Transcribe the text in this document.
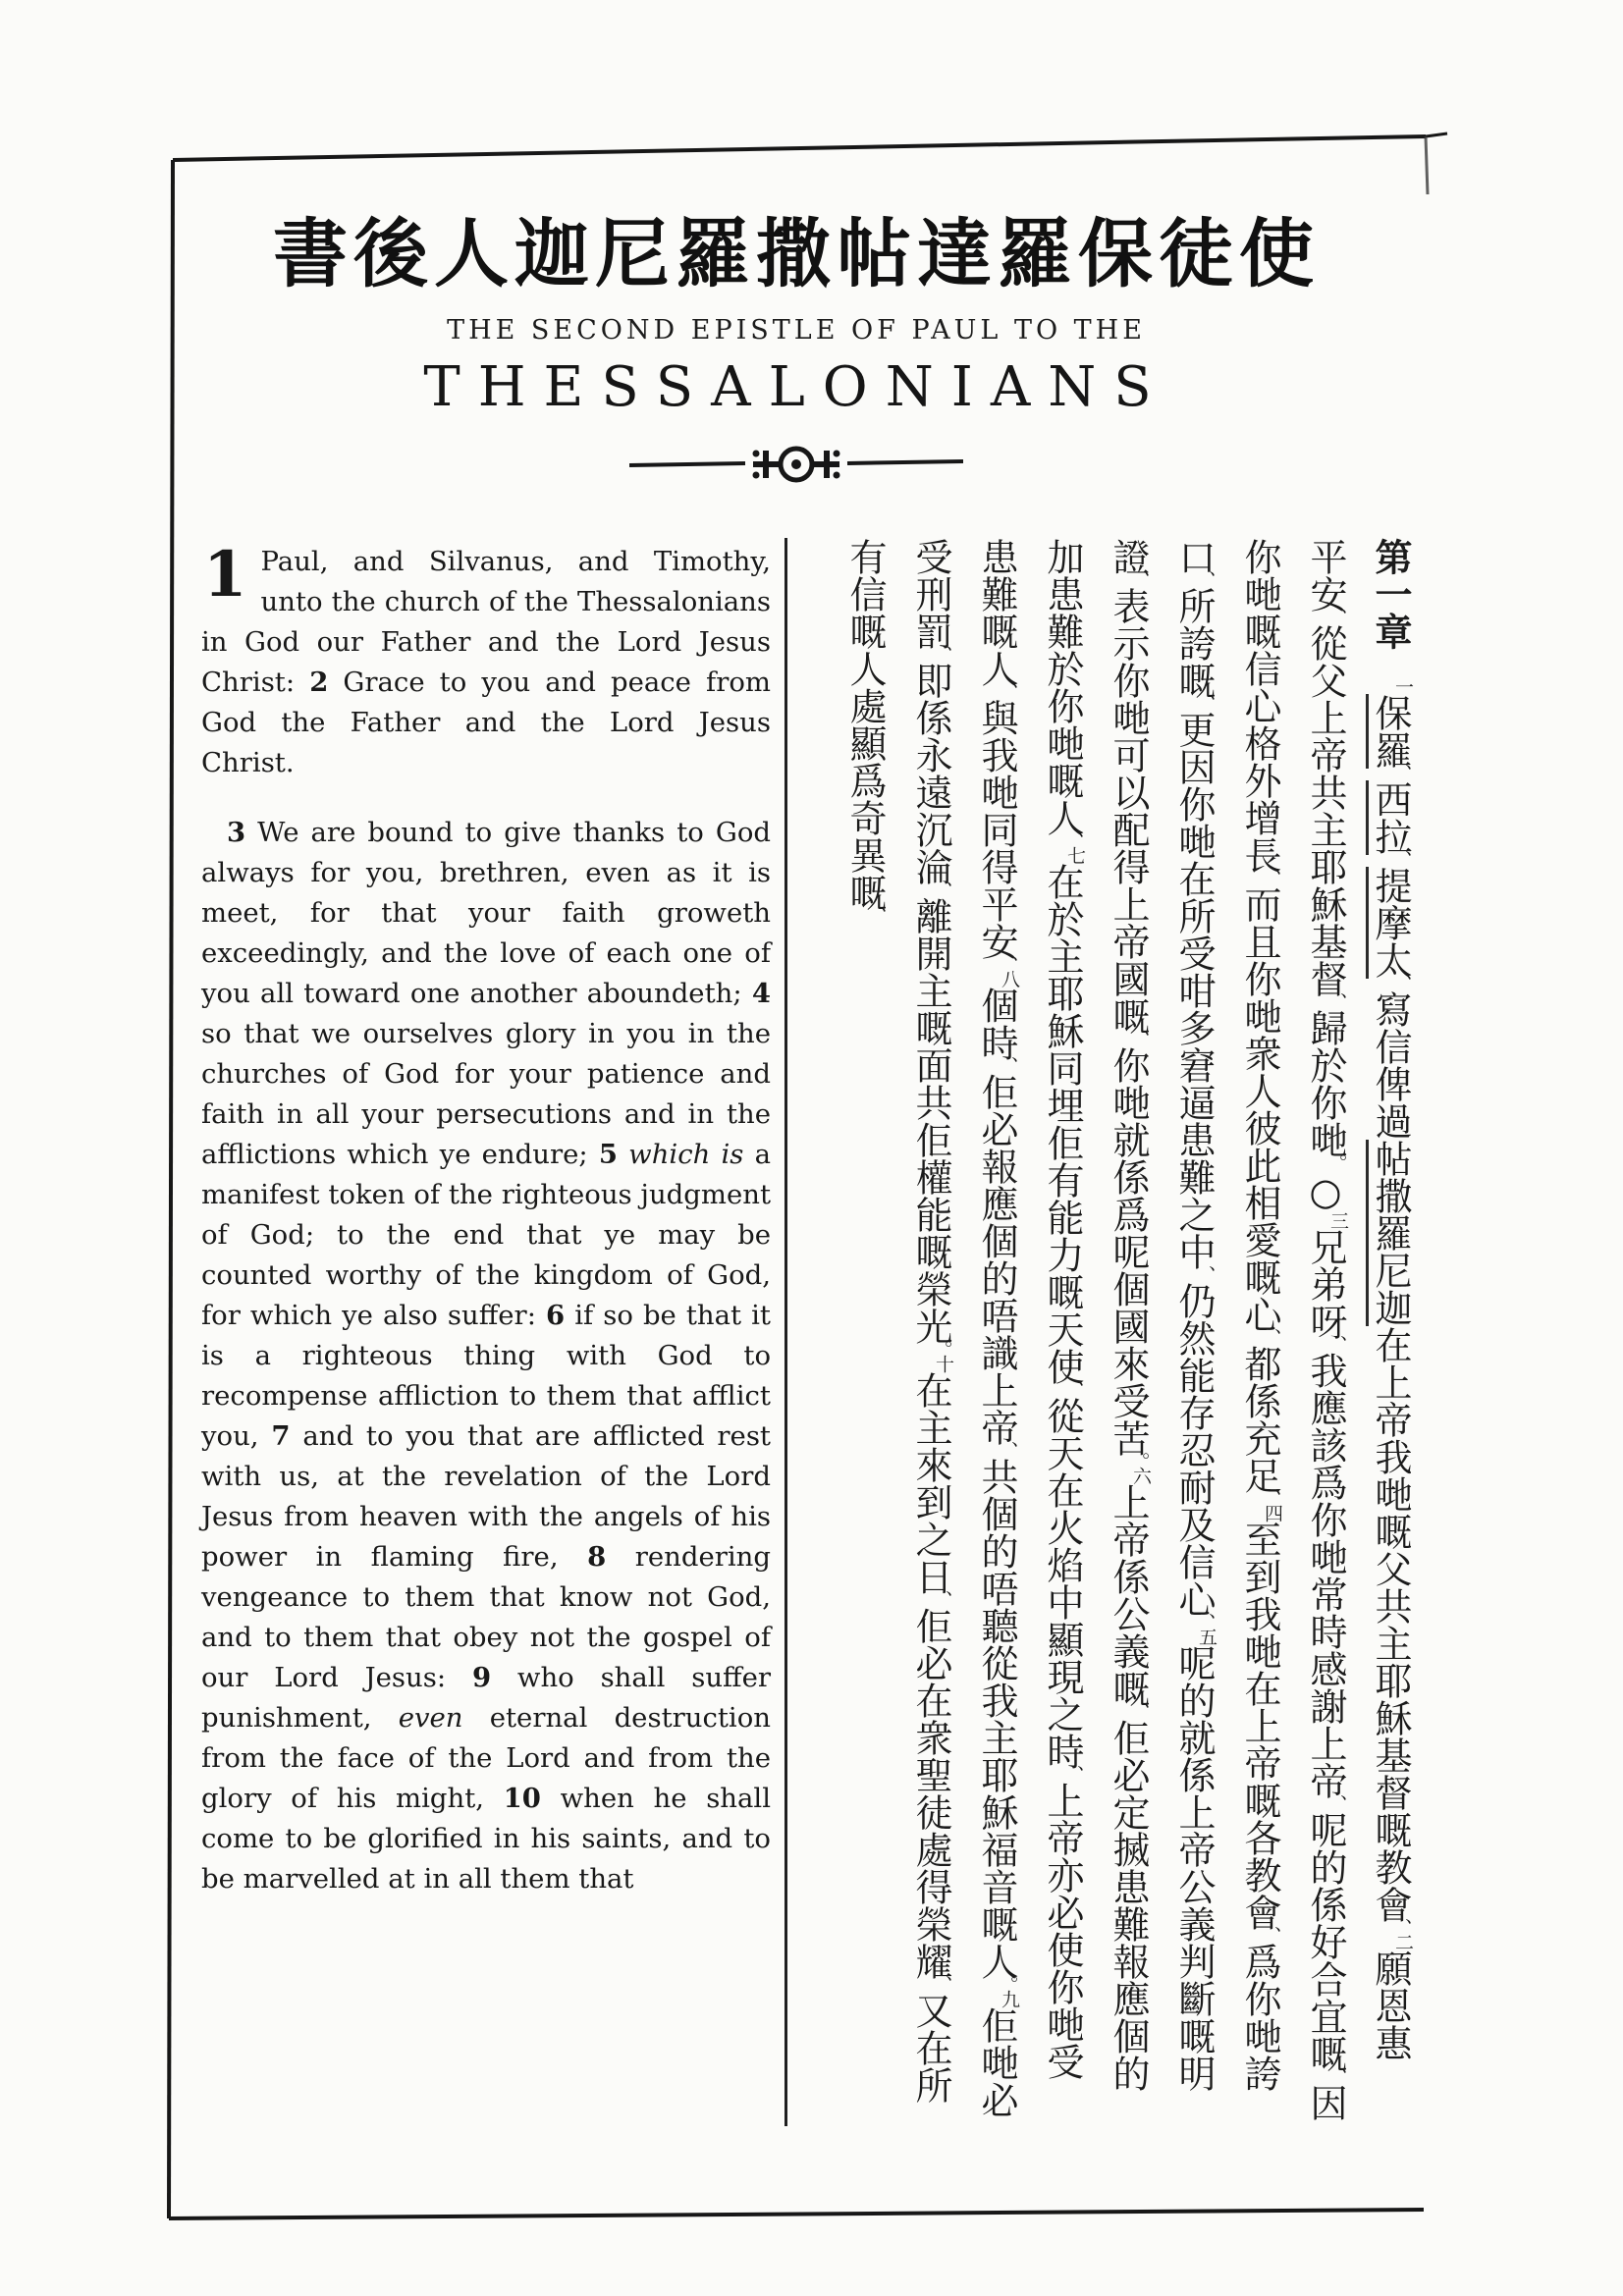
書後人迦尼羅撒帖達羅保徒使
THE SECOND EPISTLE OF PAUL TO THE
THESSALONIANS

1 Paul, and Silvanus, and Timothy, unto the church of the Thessalonians in God our Father and the Lord Jesus Christ: 2 Grace to you and peace from God the Father and the Lord Jesus Christ.

3 We are bound to give thanks to God always for you, brethren, even as it is meet, for that your faith groweth exceedingly, and the love of each one of you all toward one another aboundeth; 4 so that we ourselves glory in you in the churches of God for your patience and faith in all your persecutions and in the afflictions which ye endure; 5 which is a manifest token of the righteous judgment of God; to the end that ye may be counted worthy of the kingdom of God, for which ye also suffer: 6 if so be that it is a righteous thing with God to recompense affliction to them that afflict you, 7 and to you that are afflicted rest with us, at the revelation of the Lord Jesus from heaven with the angels of his power in flaming fire, 8 rendering vengeance to them that know not God, and to them that obey not the gospel of our Lord Jesus: 9 who shall suffer punishment, even eternal destruction from the face of the Lord and from the glory of his might, 10 when he shall come to be glorified in his saints, and to be marvelled at in all them that

第一章一保羅、西拉、提摩太、寫信俾過帖撒羅尼迦在上帝我哋嘅父共主耶穌基督嘅教會、二願恩惠
平安、從父上帝共主耶穌基督、歸於你哋。○三兄弟呀、我應該爲你哋常時感謝上帝、呢的係好合宜嘅、因
你哋嘅信心格外增長、而且你哋衆人彼此相愛嘅心、都係充足、四至到我哋在上帝嘅各教會、爲你哋誇
口、所誇嘅、更因你哋在所受咁多窘逼患難之中、仍然能存忍耐及信心、五呢的就係上帝公義判斷嘅明
證、表示你哋可以配得上帝國嘅、你哋就係爲呢個國來受苦。六上帝係公義嘅、佢必定搣患難報應個的
加患難於你哋嘅人、七在於主耶穌同埋佢有能力嘅天使、從天在火焰中顯現之時、上帝亦必使你哋受
患難嘅人、與我哋同得平安、八個時、佢必報應個的唔識上帝、共個的唔聽從我主耶穌福音嘅人。九佢哋必
受刑罰、即係永遠沉淪、離開主嘅面共佢權能嘅榮光。十在主來到之日、佢必在衆聖徒處得榮耀、又在所
有信嘅人處顯爲奇異嘅、
